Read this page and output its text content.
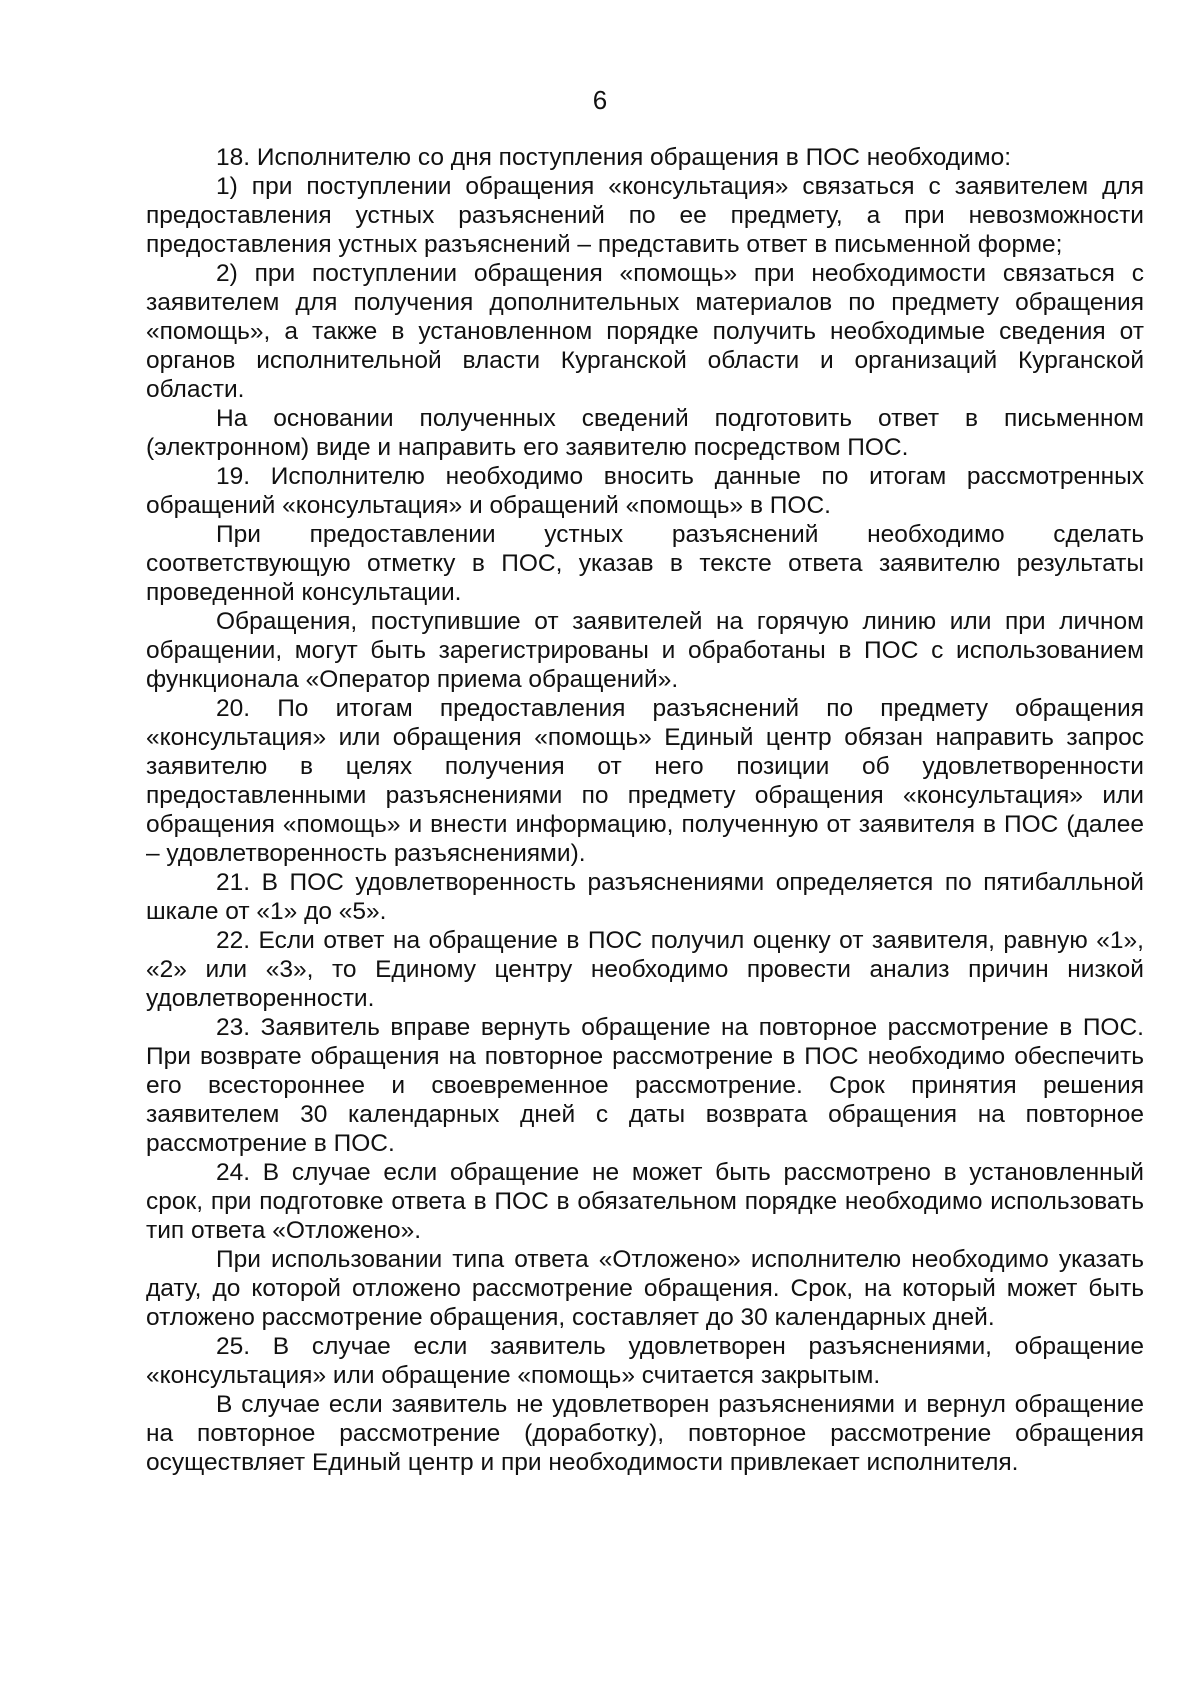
6

18. Исполнителю со дня поступления обращения в ПОС необходимо:

1) при поступлении обращения «консультация» связаться с заявителем для предоставления устных разъяснений по ее предмету, а при невозможности предоставления устных разъяснений – представить ответ в письменной форме;

2) при поступлении обращения «помощь» при необходимости связаться с заявителем для получения дополнительных материалов по предмету обращения «помощь», а также в установленном порядке получить необходимые сведения от органов исполнительной власти Курганской области и организаций Курганской области.

На основании полученных сведений подготовить ответ в письменном (электронном) виде и направить его заявителю посредством ПОС.

19. Исполнителю необходимо вносить данные по итогам рассмотренных обращений «консультация» и обращений «помощь» в ПОС.

При предоставлении устных разъяснений необходимо сделать соответствующую отметку в ПОС, указав в тексте ответа заявителю результаты проведенной консультации.

Обращения, поступившие от заявителей на горячую линию или при личном обращении, могут быть зарегистрированы и обработаны в ПОС с использованием функционала «Оператор приема обращений».

20. По итогам предоставления разъяснений по предмету обращения «консультация» или обращения «помощь» Единый центр обязан направить запрос заявителю в целях получения от него позиции об удовлетворенности предоставленными разъяснениями по предмету обращения «консультация» или обращения «помощь» и внести информацию, полученную от заявителя в ПОС (далее – удовлетворенность разъяснениями).

21. В ПОС удовлетворенность разъяснениями определяется по пятибалльной шкале от «1» до «5».

22. Если ответ на обращение в ПОС получил оценку от заявителя, равную «1», «2» или «3», то Единому центру необходимо провести анализ причин низкой удовлетворенности.

23. Заявитель вправе вернуть обращение на повторное рассмотрение в ПОС. При возврате обращения на повторное рассмотрение в ПОС необходимо обеспечить его всестороннее и своевременное рассмотрение. Срок принятия решения заявителем 30 календарных дней с даты возврата обращения на повторное рассмотрение в ПОС.

24. В случае если обращение не может быть рассмотрено в установленный срок, при подготовке ответа в ПОС в обязательном порядке необходимо использовать тип ответа «Отложено».

При использовании типа ответа «Отложено» исполнителю необходимо указать дату, до которой отложено рассмотрение обращения. Срок, на который может быть отложено рассмотрение обращения, составляет до 30 календарных дней.

25. В случае если заявитель удовлетворен разъяснениями, обращение «консультация» или обращение «помощь» считается закрытым.

В случае если заявитель не удовлетворен разъяснениями и вернул обращение на повторное рассмотрение (доработку), повторное рассмотрение обращения осуществляет Единый центр и при необходимости привлекает исполнителя.
